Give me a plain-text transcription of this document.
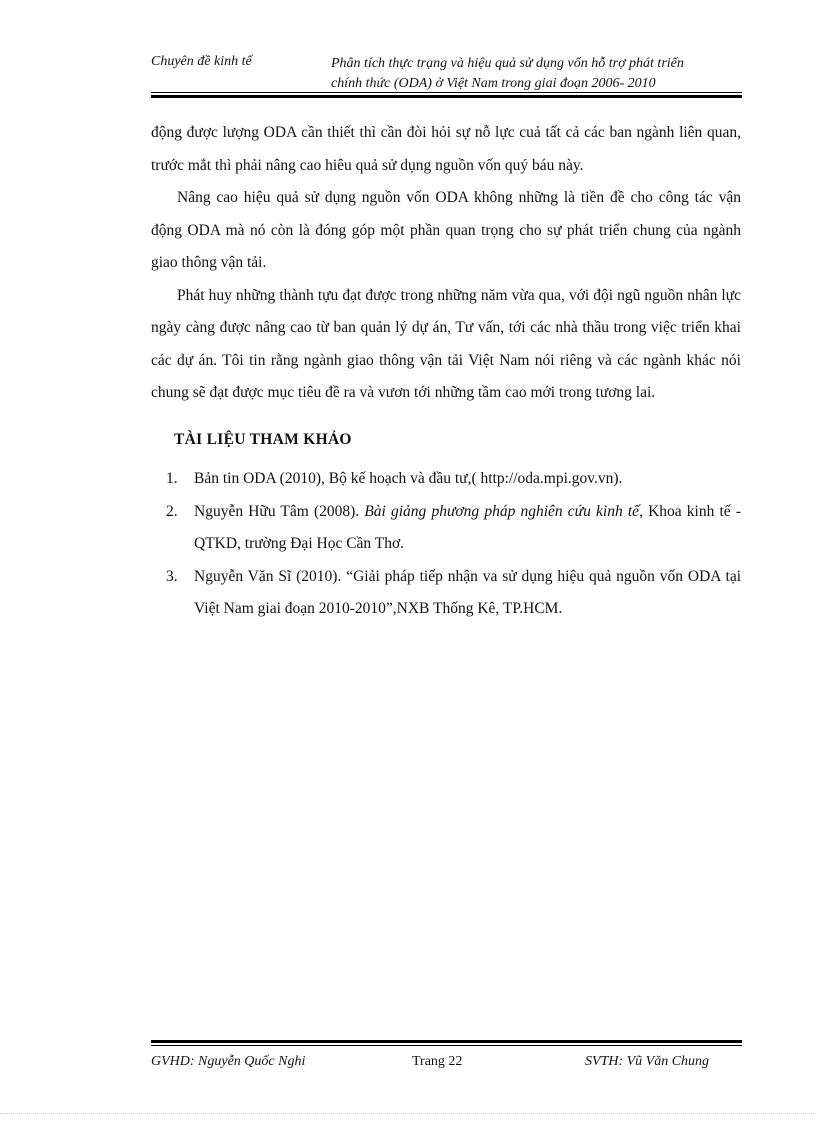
Chuyên đề kinh tế	Phân tích thực trạng và hiệu quả sử dụng vốn hỗ trợ phát triển
chính thức (ODA) ở Việt Nam trong giai đoạn 2006- 2010

động được lượng ODA cần thiết thì cần đòi hỏi sự nỗ lực cuả tất cả các ban ngành liên quan, trước mắt thì phải nâng cao hiêu quả sử dụng nguồn vốn quý báu này.

Nâng cao hiệu quả sử dụng nguồn vốn ODA không những là tiền đề cho công tác vận động ODA mà nó còn là đóng góp một phần quan trọng cho sự phát triển chung của ngành giao thông vận tải.

Phát huy những thành tựu đạt được trong những năm vừa qua, với đội ngũ nguồn nhân lực ngày càng được nâng cao từ ban quản lý dự án, Tư vấn, tới các nhà thầu trong việc triển khai các dự án. Tôi tin rằng ngành giao thông vận tải Việt Nam nói riêng và các ngành khác nói chung sẽ đạt được mục tiêu đề ra và vươn tới những tầm cao mới trong tương lai.

TÀI LIỆU THAM KHẢO
1. Bản tin ODA (2010), Bộ kế hoạch và đầu tư,( http://oda.mpi.gov.vn).
2. Nguyễn Hữu Tâm (2008). Bài giảng phương pháp nghiên cứu kinh tế, Khoa kinh tế - QTKD, trường Đại Học Cần Thơ.
3. Nguyễn Văn Sĩ (2010). “Giải pháp tiếp nhận va sử dụng hiệu quả nguồn vốn ODA tại Việt Nam giai đoạn 2010-2010”,NXB Thống Kê, TP.HCM.
GVHD: Nguyễn Quốc Nghi	Trang 22	SVTH: Vũ Văn Chung
